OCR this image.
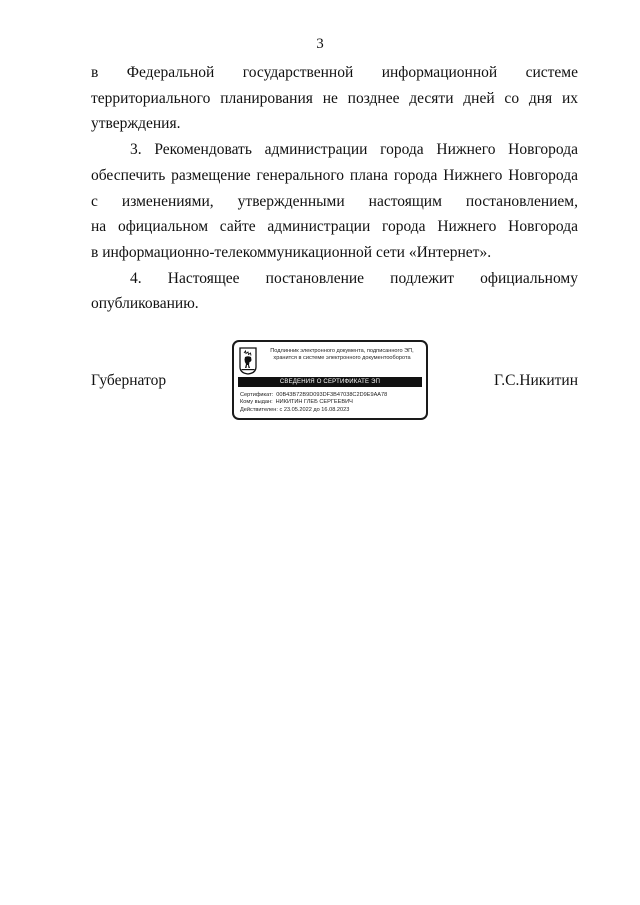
3

в Федеральной государственной информационной системе
территориального планирования не позднее десяти дней со дня их
утверждения.

3. Рекомендовать администрации города Нижнего Новгорода
обеспечить размещение генерального плана города Нижнего Новгорода
с изменениями, утвержденными настоящим постановлением,
на официальном сайте администрации города Нижнего Новгорода
в информационно-телекоммуникационной сети «Интернет».

4. Настоящее постановление подлежит официальному
опубликованию.

Губернатор
Подлинник электронного документа, подписанного ЭП,
хранится в системе электронного документооборота
СВЕДЕНИЯ О СЕРТИФИКАТЕ ЭП
Сертификат: 00B43B72B9D093DF3B47038C2D9E9AA78
Кому выдан: НИКИТИН ГЛЕБ СЕРГЕЕВИЧ
Действителен: с 23.05.2022 до 16.08.2023
Г.С.Никитин
